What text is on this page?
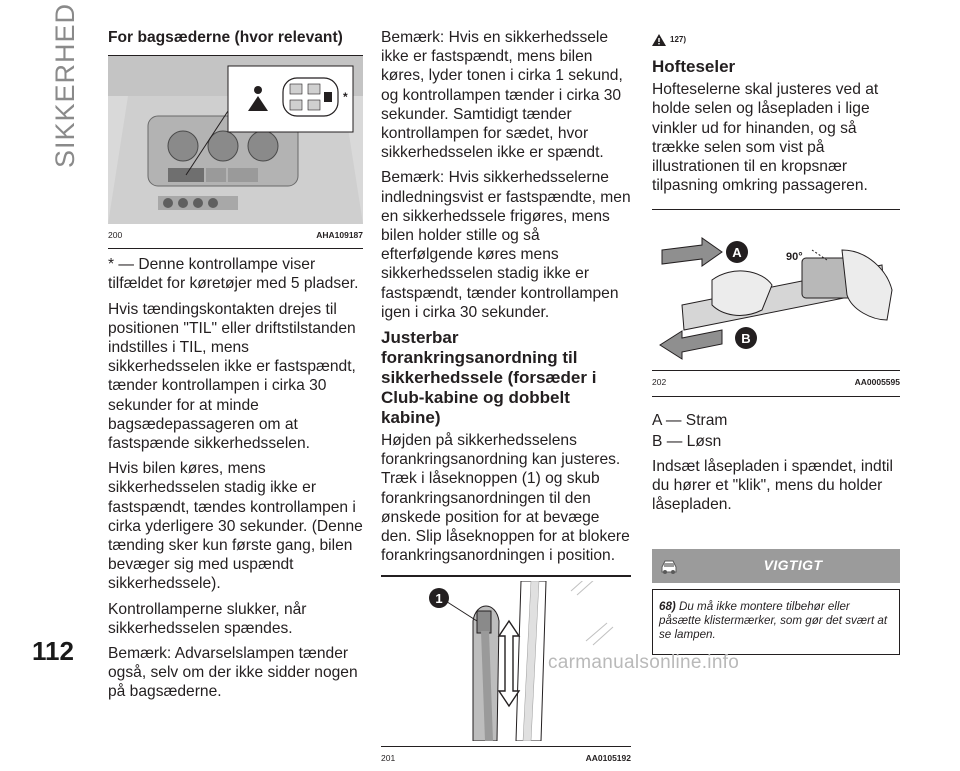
SIKKERHED	For bagsæderne (hvor relevant)
*
200	AHA109187

* — Denne kontrollampe viser tilfældet for køretøjer med 5 pladser.

Hvis tændingskontakten drejes til positionen "TIL" eller driftstilstanden indstilles i TIL, mens sikkerhedsselen ikke er fastspændt, tænder kontrollampen i cirka 30 sekunder for at minde bagsædepassageren om at fastspænde sikkerhedsselen.

Hvis bilen køres, mens sikkerhedsselen stadig ikke er fastspændt, tændes kontrollampen i cirka yderligere 30 sekunder. (Denne tænding sker kun første gang, bilen bevæger sig med uspændt sikkerhedssele).

Kontrollamperne slukker, når sikkerhedsselen spændes.

Bemærk: Advarselslampen tænder også, selv om der ikke sidder nogen på bagsæderne.

Bemærk: Hvis en sikkerhedssele ikke er fastspændt, mens bilen køres, lyder tonen i cirka 1 sekund, og kontrollampen tænder i cirka 30 sekunder. Samtidigt tænder kontrollampen for sædet, hvor sikkerhedsselen ikke er spændt.

Bemærk: Hvis sikkerhedsselerne indledningsvist er fastspændte, men en sikkerhedssele frigøres, mens bilen holder stille og så efterfølgende køres mens sikkerhedsselen stadig ikke er fastspændt, tænder kontrollampen igen i cirka 30 sekunder.

Justerbar forankringsanordning til sikkerhedssele (forsæder i Club-kabine og dobbelt kabine)

Højden på sikkerhedsselens forankringsanordning kan justeres. Træk i låseknoppen (1) og skub forankringsanordningen til den ønskede position for at bevæge den. Slip låseknoppen for at blokere forankringsanordningen i position.

1
201	AA0105192
127)
Hofteseler

Hofteselerne skal justeres ved at holde selen og låsepladen i lige vinkler ud for hinanden, og så trække selen som vist på illustrationen til en kropsnær tilpasning omkring passageren.

A
B
90°
202	AA0005595

A — Stram

B — Løsn

Indsæt låsepladen i spændet, indtil du hører et "klik", mens du holder låsepladen.

VIGTIGT
68) Du må ikke montere tilbehør eller påsætte klistermærker, som gør det svært at se lampen.
112	carmanualsonline.info
